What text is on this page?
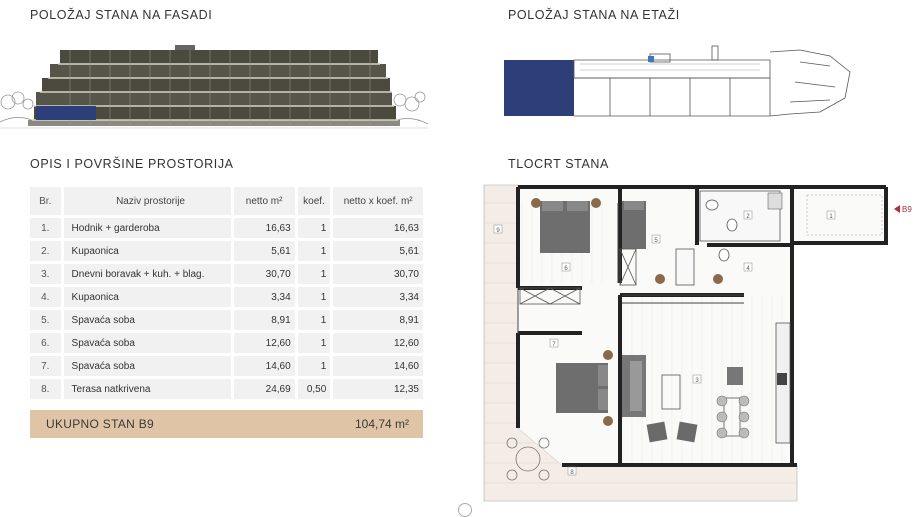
POLOŽAJ STANA NA FASADI	POLOŽAJ STANA NA ETAŽI
OPIS I POVRŠINE PROSTORIJA	TLOCRT STANA
Br.	Naziv prostorije	netto m²	koef.	netto x koef. m²
1.	Hodnik + garderoba	16,63	1	16,63
2.	Kupaonica	5,61	1	5,61
3.	Dnevni boravak + kuh. + blag.	30,70	1	30,70
4.	Kupaonica	3,34	1	3,34
5.	Spavaća soba	8,91	1	8,91
6.	Spavaća soba	12,60	1	12,60
7.	Spavaća soba	14,60	1	14,60
8.	Terasa natkrivena	24,69	0,50	12,35
UKUPNO STAN B9	104,74 m²
1
2
3
4
5
6
7
8
9
B9
